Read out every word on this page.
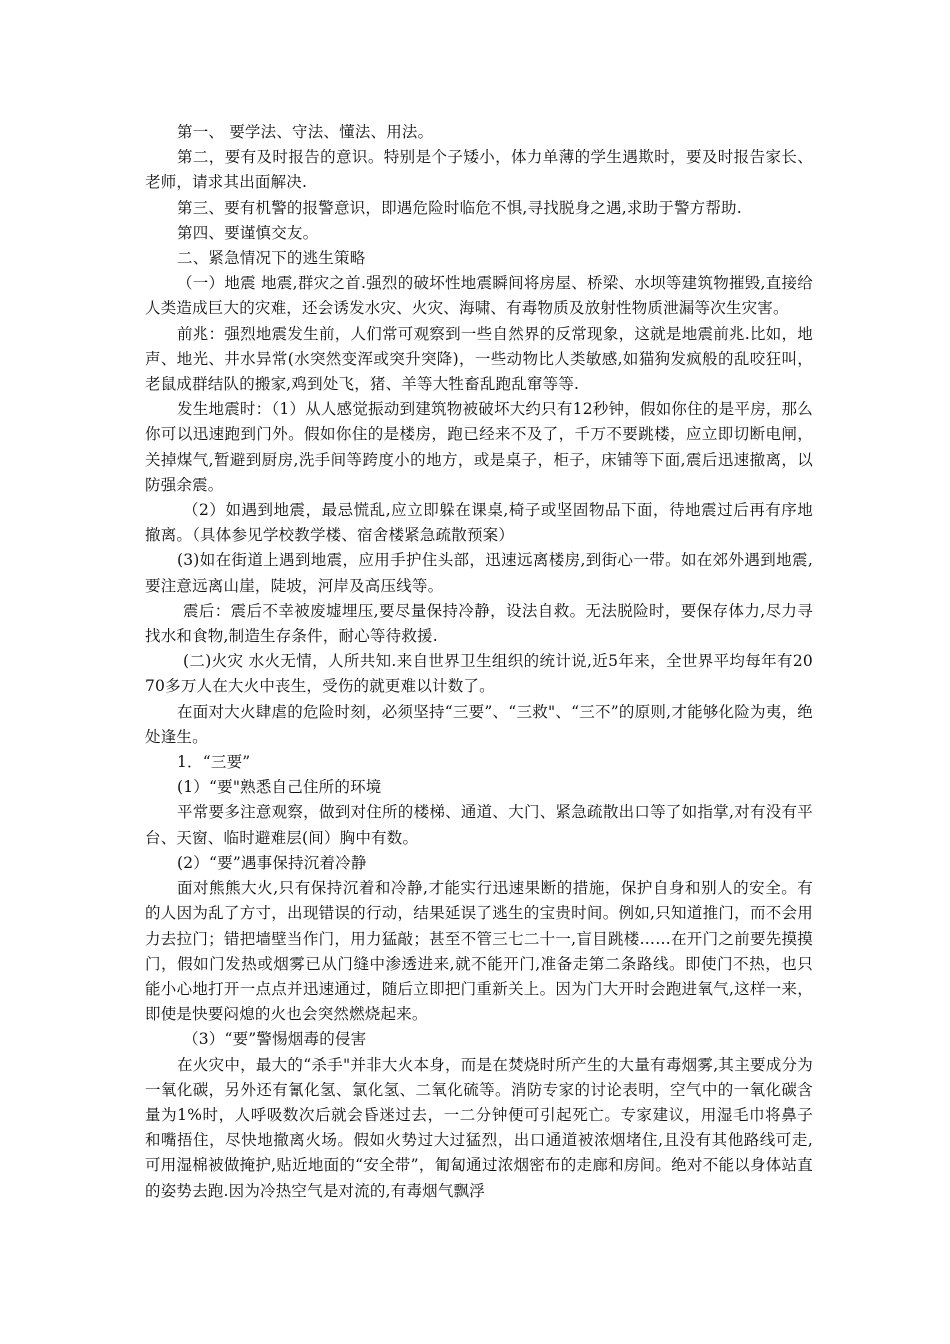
第一、 要学法、守法、懂法、用法。

第二，要有及时报告的意识。特别是个子矮小，体力单薄的学生遇欺时，要及时报告家长、老师，请求其出面解决.

第三、要有机警的报警意识，即遇危险时临危不惧,寻找脱身之遇,求助于警方帮助.

第四、要谨慎交友。

二、紧急情况下的逃生策略

（一）地震 地震,群灾之首.强烈的破坏性地震瞬间将房屋、桥梁、水坝等建筑物摧毁,直接给人类造成巨大的灾难，还会诱发水灾、火灾、海啸、有毒物质及放射性物质泄漏等次生灾害。

前兆：强烈地震发生前，人们常可观察到一些自然界的反常现象，这就是地震前兆.比如，地声、地光、井水异常(水突然变浑或突升突降)，一些动物比人类敏感,如猫狗发疯般的乱咬狂叫，老鼠成群结队的搬家,鸡到处飞，猪、羊等大牲畜乱跑乱窜等等.

发生地震时：（1）从人感觉振动到建筑物被破坏大约只有12秒钟，假如你住的是平房，那么你可以迅速跑到门外。假如你住的是楼房，跑已经来不及了，千万不要跳楼，应立即切断电闸，关掉煤气,暂避到厨房,洗手间等跨度小的地方，或是桌子，柜子，床铺等下面,震后迅速撤离，以防强余震。

（2）如遇到地震，最忌慌乱,应立即躲在课桌,椅子或坚固物品下面，待地震过后再有序地撤离。（具体参见学校教学楼、宿舍楼紧急疏散预案）

(3)如在街道上遇到地震，应用手护住头部，迅速远离楼房,到街心一带。如在郊外遇到地震,要注意远离山崖，陡坡，河岸及高压线等。

震后：震后不幸被废墟埋压,要尽量保持冷静，设法自救。无法脱险时，要保存体力,尽力寻找水和食物,制造生存条件，耐心等待救援.

(二)火灾 水火无情，人所共知.来自世界卫生组织的统计说,近5年来，全世界平均每年有2070多万人在大火中丧生，受伤的就更难以计数了。

在面对大火肆虐的危险时刻，必须坚持“三要”、“三救"、“三不”的原则,才能够化险为夷，绝处逢生。

1．“三要”

(1）“要"熟悉自己住所的环境

平常要多注意观察，做到对住所的楼梯、通道、大门、紧急疏散出口等了如指掌,对有没有平台、天窗、临时避难层(间）胸中有数。

(2）“要”遇事保持沉着冷静

面对熊熊大火,只有保持沉着和冷静,才能实行迅速果断的措施，保护自身和别人的安全。有的人因为乱了方寸，出现错误的行动，结果延误了逃生的宝贵时间。例如,只知道推门，而不会用力去拉门；错把墙壁当作门，用力猛敲；甚至不管三七二十一,盲目跳楼……在开门之前要先摸摸门，假如门发热或烟雾已从门缝中渗透进来,就不能开门,准备走第二条路线。即使门不热，也只能小心地打开一点点并迅速通过，随后立即把门重新关上。因为门大开时会跑进氧气,这样一来，即使是快要闷熄的火也会突然燃烧起来。

（3）“要”警惕烟毒的侵害

在火灾中，最大的“杀手"并非大火本身，而是在焚烧时所产生的大量有毒烟雾,其主要成分为一氧化碳，另外还有氰化氢、氯化氢、二氧化硫等。消防专家的讨论表明，空气中的一氧化碳含量为1%时，人呼吸数次后就会昏迷过去，一二分钟便可引起死亡。专家建议，用湿毛巾将鼻子和嘴捂住，尽快地撤离火场。假如火势过大过猛烈，出口通道被浓烟堵住,且没有其他路线可走,可用湿棉被做掩护,贴近地面的“安全带”，匍匐通过浓烟密布的走廊和房间。绝对不能以身体站直的姿势去跑.因为冷热空气是对流的,有毒烟气飘浮
